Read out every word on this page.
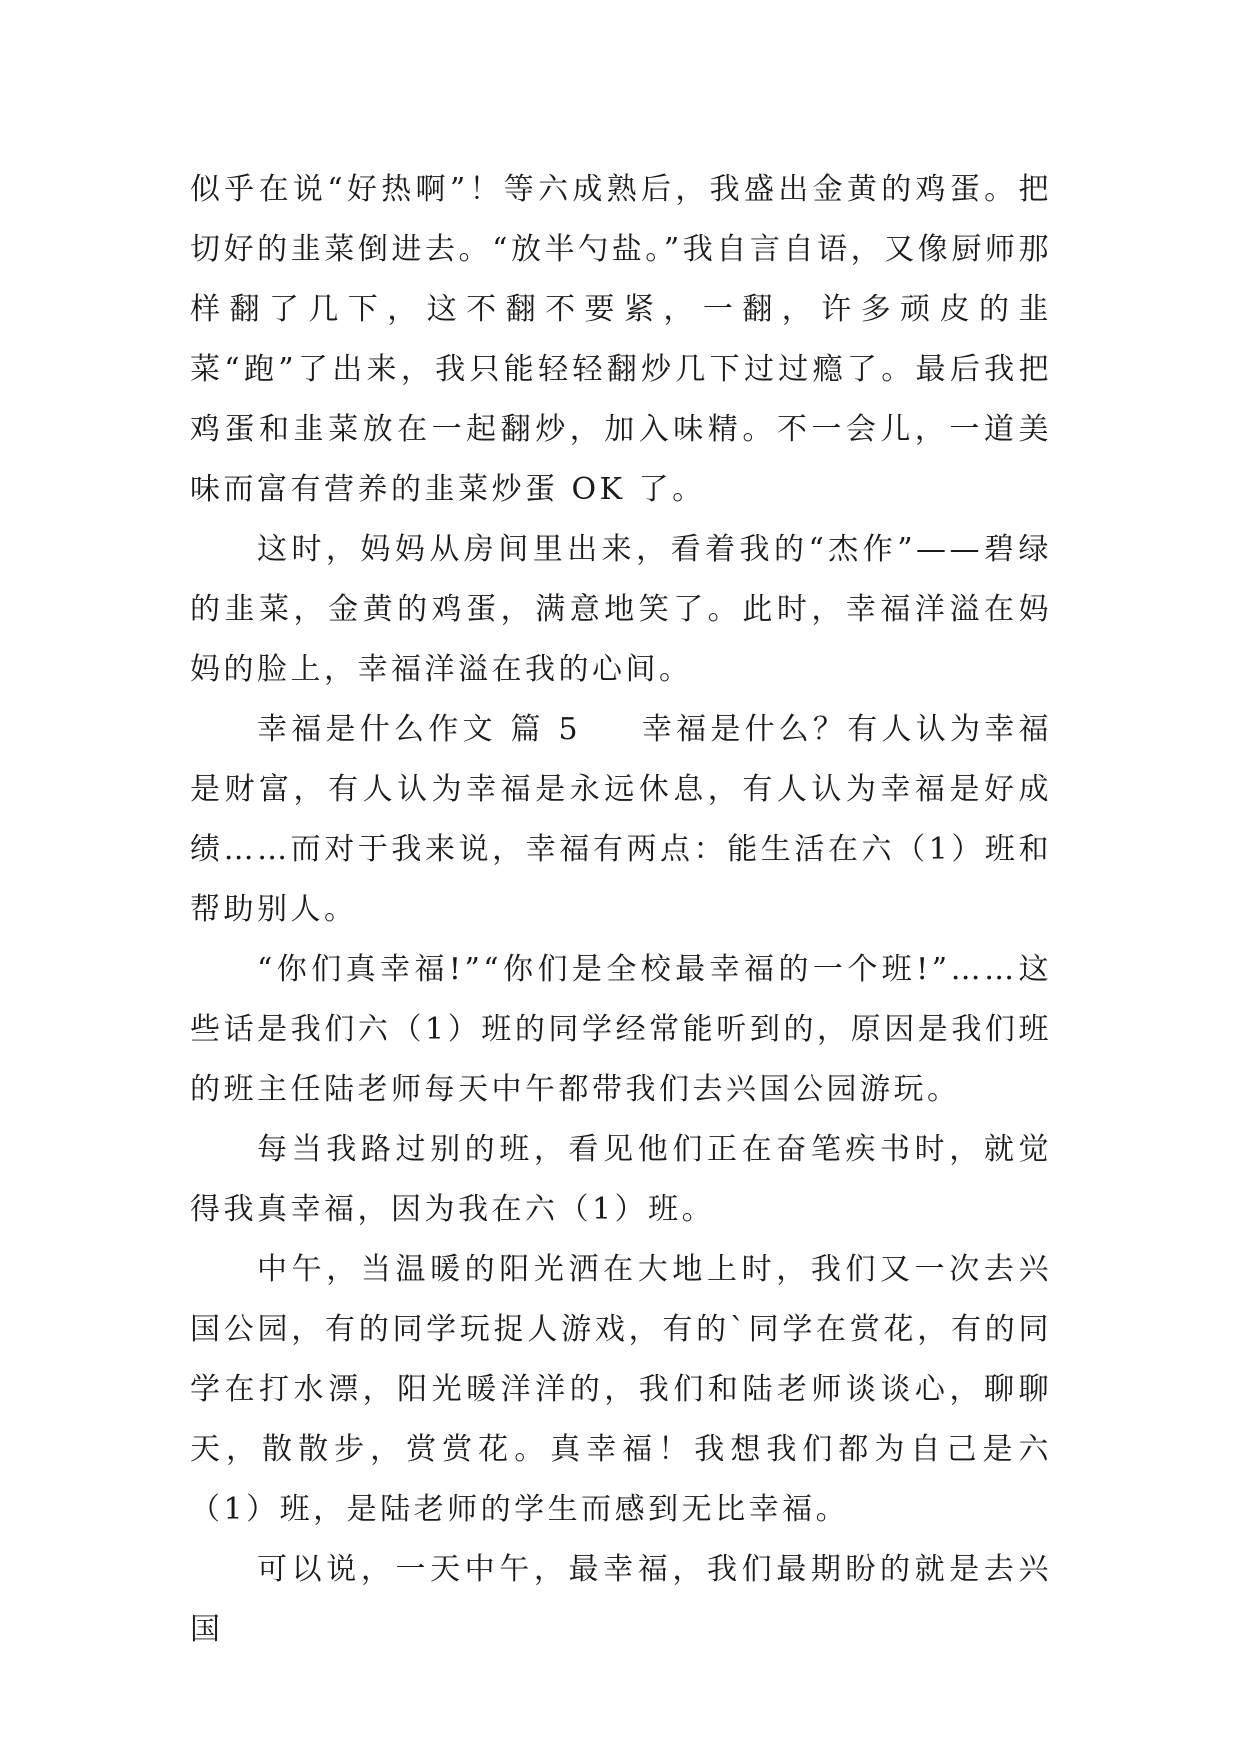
似乎在说“好热啊”！等六成熟后，我盛出金黄的鸡蛋。把切好的韭菜倒进去。“放半勺盐。”我自言自语，又像厨师那样翻了几下，这不翻不要紧，一翻，许多顽皮的韭菜“跑”了出来，我只能轻轻翻炒几下过过瘾了。最后我把鸡蛋和韭菜放在一起翻炒，加入味精。不一会儿，一道美味而富有营养的韭菜炒蛋 OK 了。

这时，妈妈从房间里出来，看着我的“杰作”——碧绿的韭菜，金黄的鸡蛋，满意地笑了。此时，幸福洋溢在妈妈的脸上，幸福洋溢在我的心间。

幸福是什么作文 篇 5 幸福是什么？有人认为幸福是财富，有人认为幸福是永远休息，有人认为幸福是好成绩……而对于我来说，幸福有两点：能生活在六（1）班和帮助别人。

“你们真幸福!”“你们是全校最幸福的一个班!”……这些话是我们六（1）班的同学经常能听到的，原因是我们班的班主任陆老师每天中午都带我们去兴国公园游玩。

每当我路过别的班，看见他们正在奋笔疾书时，就觉得我真幸福，因为我在六（1）班。

中午，当温暖的阳光洒在大地上时，我们又一次去兴国公园，有的同学玩捉人游戏，有的`同学在赏花，有的同学在打水漂，阳光暖洋洋的，我们和陆老师谈谈心，聊聊天，散散步，赏赏花。真幸福！我想我们都为自己是六（1）班，是陆老师的学生而感到无比幸福。

可以说，一天中午，最幸福，我们最期盼的就是去兴国
